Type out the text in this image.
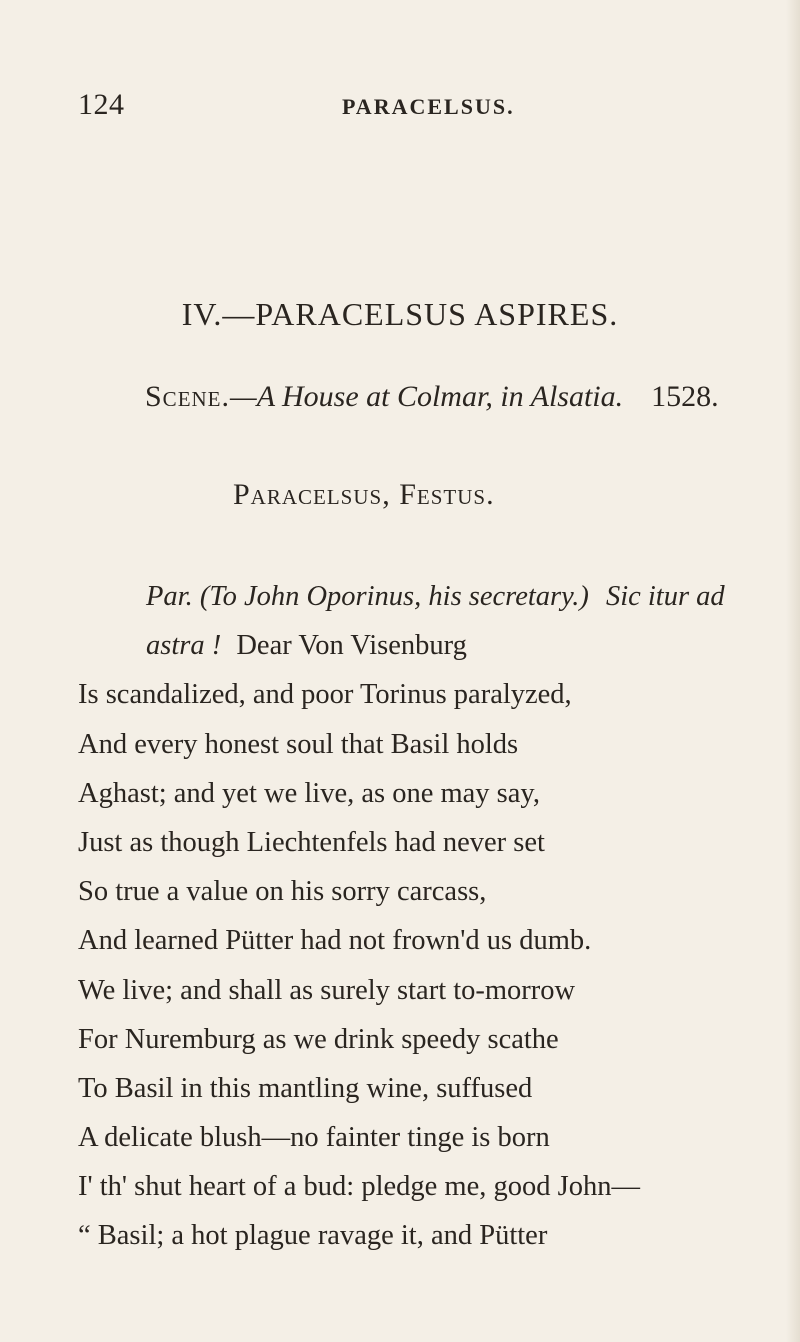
124	PARACELSUS.
IV.—PARACELSUS ASPIRES.
Scene.—A House at Colmar, in Alsatia. 1528.
Paracelsus, Festus.
Par. (To John Oporinus, his secretary.) Sic itur ad
astra ! Dear Von Visenburg
Is scandalized, and poor Torinus paralyzed,
And every honest soul that Basil holds
Aghast; and yet we live, as one may say,
Just as though Liechtenfels had never set
So true a value on his sorry carcass,
And learned Pütter had not frown'd us dumb.
We live; and shall as surely start to-morrow
For Nuremburg as we drink speedy scathe
To Basil in this mantling wine, suffused
A delicate blush—no fainter tinge is born
I' th' shut heart of a bud: pledge me, good John—
“ Basil; a hot plague ravage it, and Pütter
